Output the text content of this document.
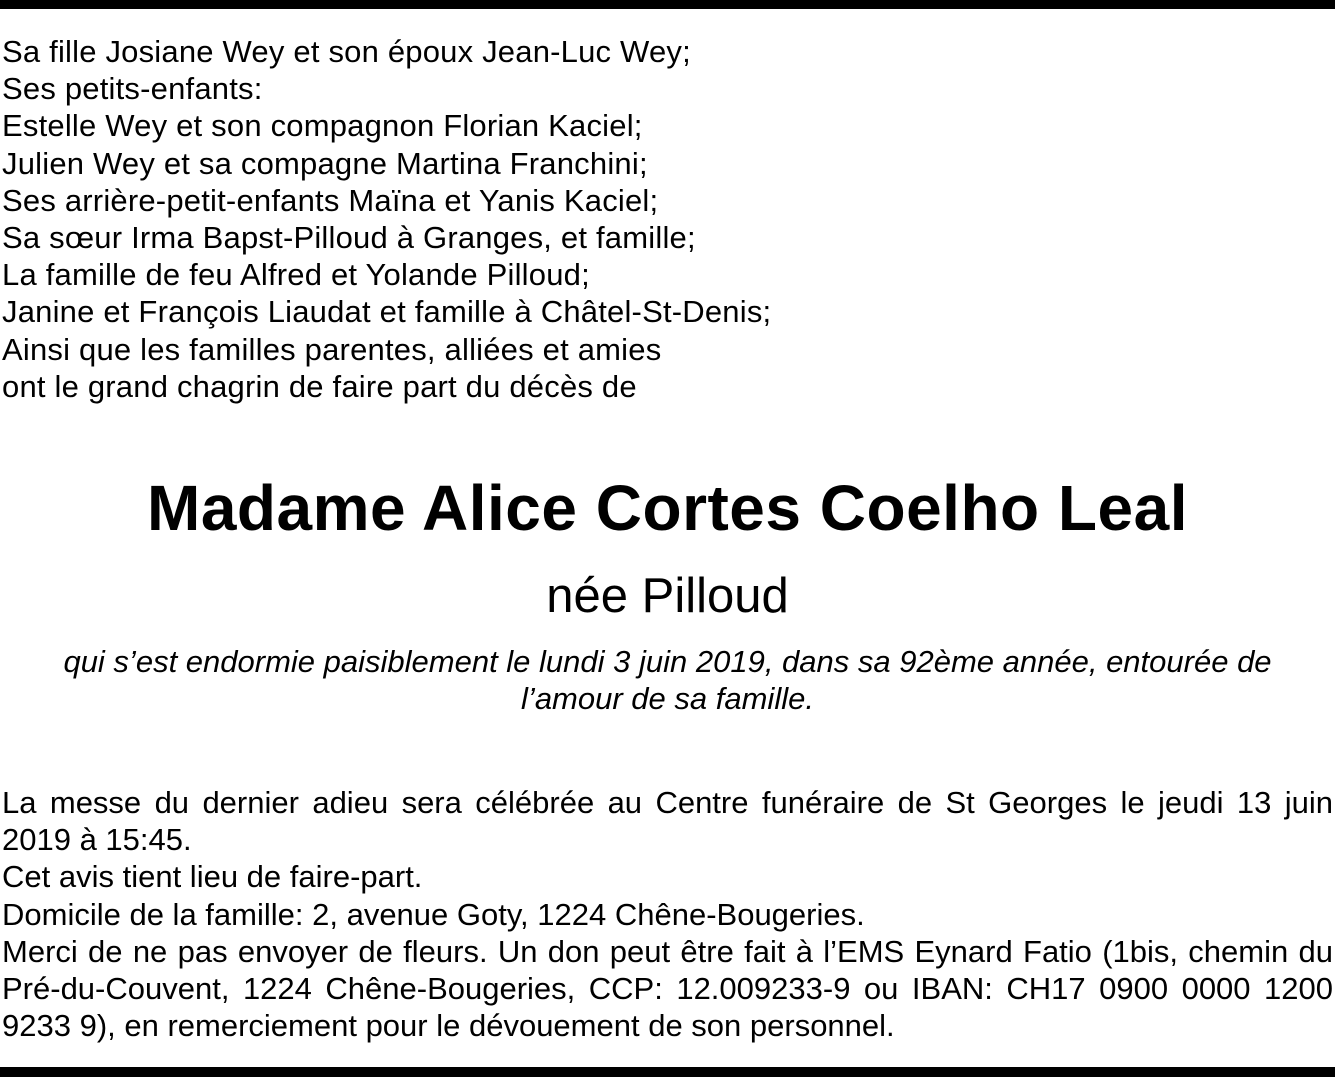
Sa fille Josiane Wey et son époux Jean-Luc Wey;
Ses petits-enfants:
Estelle Wey et son compagnon Florian Kaciel;
Julien Wey et sa compagne Martina Franchini;
Ses arrière-petit-enfants Maïna et Yanis Kaciel;
Sa sœur Irma Bapst-Pilloud à Granges, et famille;
La famille de feu Alfred et Yolande Pilloud;
Janine et François Liaudat et famille à Châtel-St-Denis;
Ainsi que les familles parentes, alliées et amies
ont le grand chagrin de faire part du décès de
Madame Alice Cortes Coelho Leal
née Pilloud

qui s’est endormie paisiblement le lundi 3 juin 2019, dans sa 92ème année, entourée de l’amour de sa famille.

La messe du dernier adieu sera célébrée au Centre funéraire de St Georges le jeudi 13 juin 2019 à 15:45.

Cet avis tient lieu de faire-part.

Domicile de la famille: 2, avenue Goty, 1224 Chêne-Bougeries.

Merci de ne pas envoyer de fleurs. Un don peut être fait à l’EMS Eynard Fatio (1bis, chemin du Pré-du-Couvent, 1224 Chêne-Bougeries, CCP: 12.009233-9 ou IBAN: CH17 0900 0000 1200 9233 9), en remerciement pour le dévouement de son personnel.
